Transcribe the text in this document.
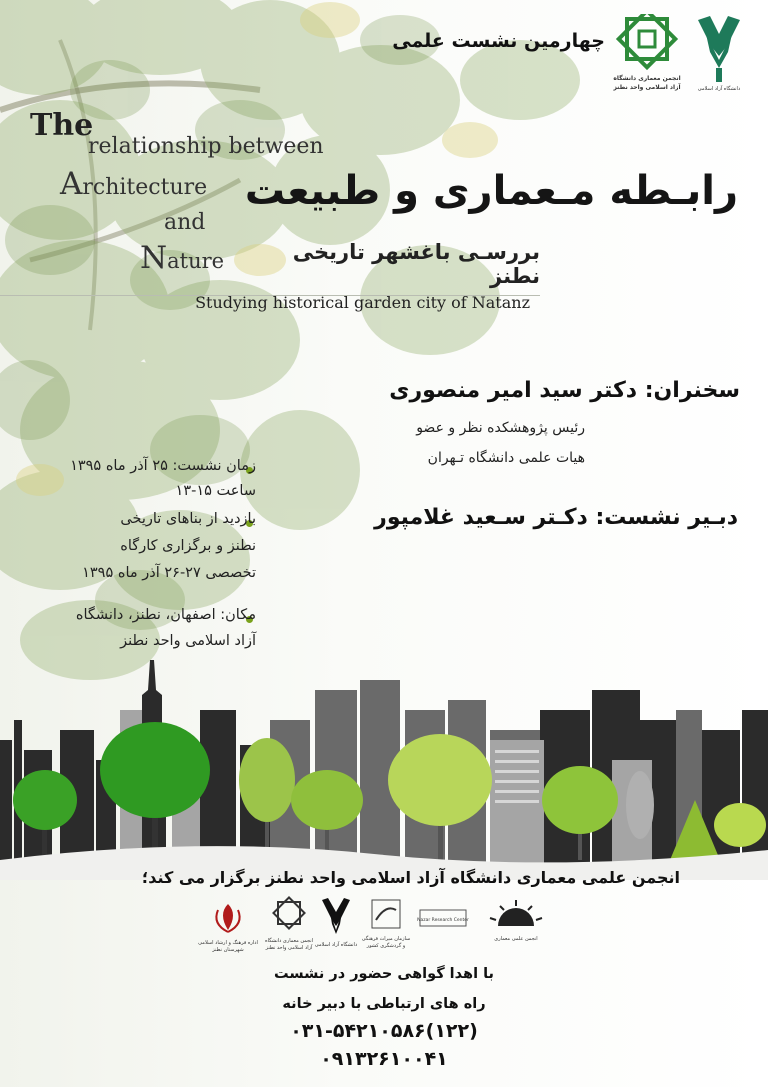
دانشگاه آزاد اسلامی
انجمن معماری دانشگاه
آزاد اسلامی واحد نطنز

چهارمین نشست علمی

The

relationship between

Architecture

and

Nature

رابـطه مـعماری و طبیعت

بررسـی باغشهر تاریخی نطنز

Studying historical garden city of Natanz

سخنران: دکتر سید امیر منصوری

رئیس پژوهشکده نظر و عضو

هیات علمی دانشگاه تـهران

دبـیر نشست: دکـتر سـعید غلامپور

زمان نشست: ۲۵ آذر ماه ۱۳۹۵

ساعت ۱۵-۱۳

بازدید از بناهای تاریخی

نطنز و برگزاری کارگاه

تخصصی ۲۷-۲۶ آذر ماه ۱۳۹۵

مکان: اصفهان، نطنز، دانشگاه

آزاد اسلامی واحد نطنز

انجمن علمی معماری دانشگاه آزاد اسلامی واحد نطنز برگزار می کند؛

اداره فرهنگ و ارشاد اسلامی
شهرستان نطنز
انجمن معماری دانشگاه
آزاد اسلامی واحد نطنز دانشگاه آزاد اسلامی
سازمان میراث فرهنگی
و گردشگری کشور
Nazar Research Center
انجمن علمی معماری

با اهدا گواهی حضور در نشست

راه های ارتباطی با دبیر خانه

۰۳۱-۵۴۲۱۰۵۸۶(۱۲۲)

۰۹۱۳۲۶۱۰۰۴۱
